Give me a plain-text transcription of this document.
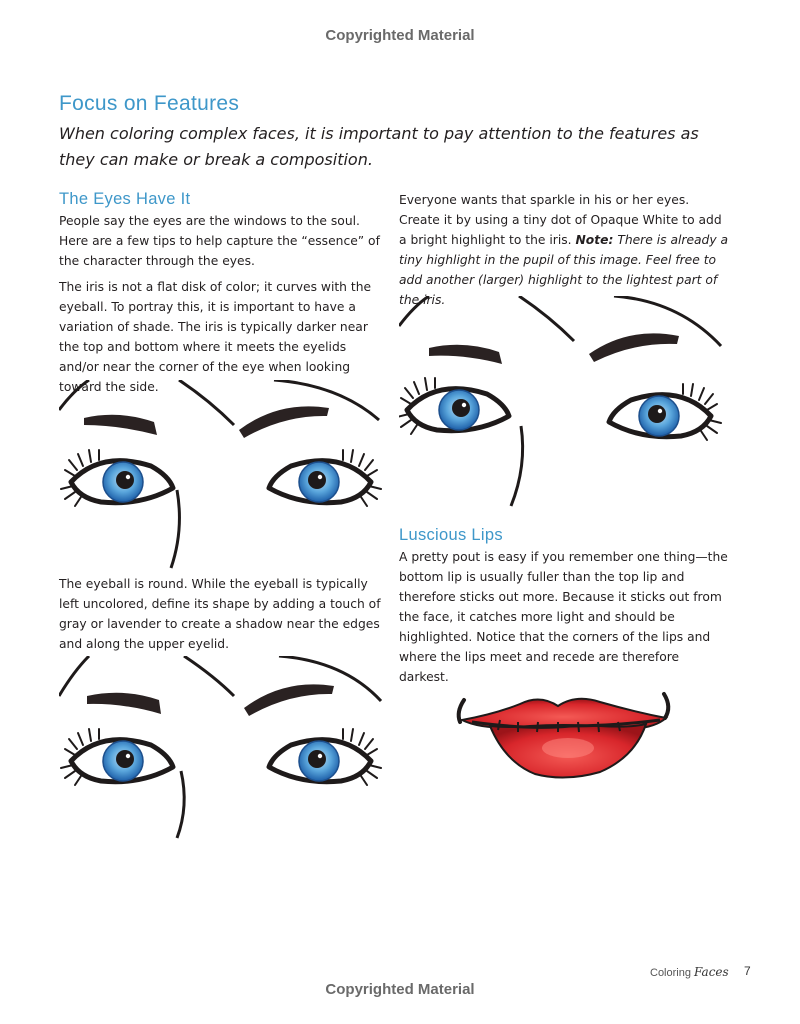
Copyrighted Material
Focus on Features
When coloring complex faces, it is important to pay attention to the features as they can make or break a composition.
The Eyes Have It

People say the eyes are the windows to the soul. Here are a few tips to help capture the “essence” of the character through the eyes.

The iris is not a flat disk of color; it curves with the eyeball. To portray this, it is important to have a variation of shade. The iris is typically darker near the top and bottom where it meets the eyelids and/or near the corner of the eye when looking toward the side.

The eyeball is round. While the eyeball is typically left uncolored, define its shape by adding a touch of gray or lavender to create a shadow near the edges and along the upper eyelid.

Everyone wants that sparkle in his or her eyes. Create it by using a tiny dot of Opaque White to add a bright highlight to the iris. Note: There is already a tiny highlight in the pupil of this image. Feel free to add another (larger) highlight to the lightest part of the iris.

Luscious Lips

A pretty pout is easy if you remember one thing—the bottom lip is usually fuller than the top lip and therefore sticks out more. Because it sticks out from the face, it catches more light and should be highlighted. Notice that the corners of the lips and where the lips meet and recede are therefore darkest.

Coloring Faces 7
Copyrighted Material
